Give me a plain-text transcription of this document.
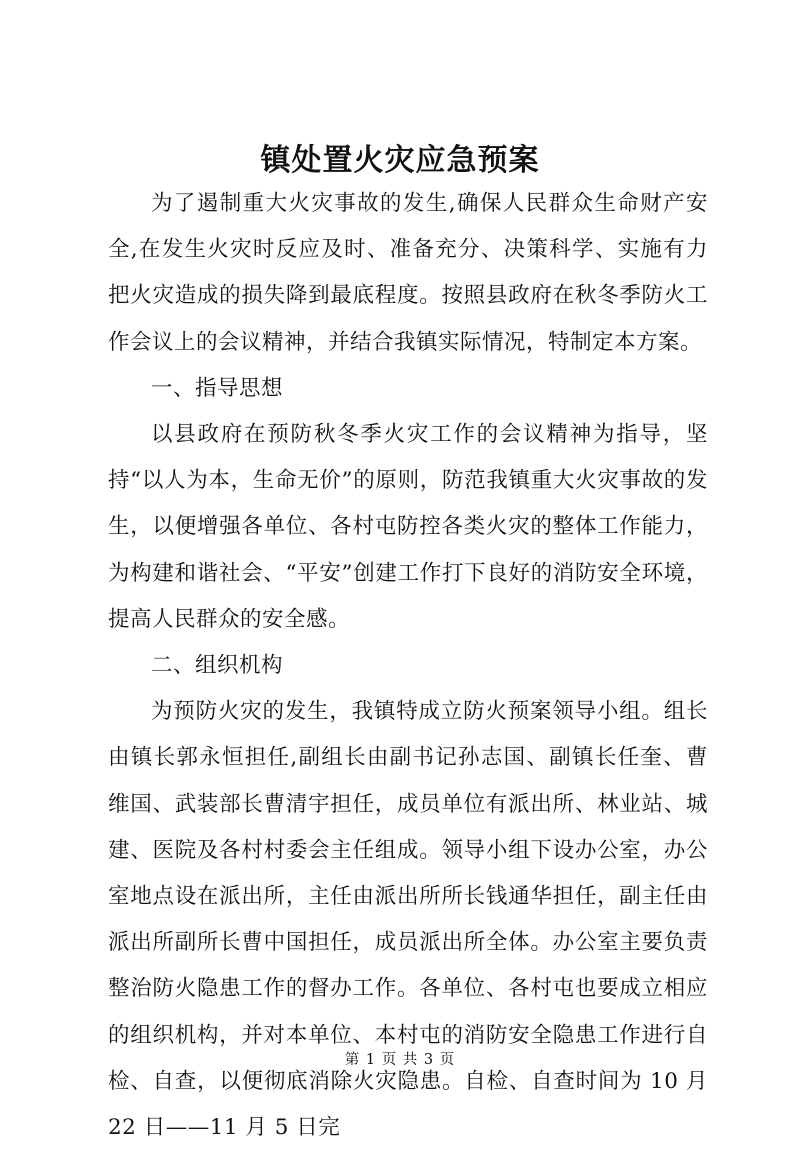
镇处置火灾应急预案

为了遏制重大火灾事故的发生,确保人民群众生命财产安全,在发生火灾时反应及时、准备充分、决策科学、实施有力把火灾造成的损失降到最底程度。按照县政府在秋冬季防火工作会议上的会议精神，并结合我镇实际情况，特制定本方案。

一、指导思想

以县政府在预防秋冬季火灾工作的会议精神为指导，坚持“以人为本，生命无价”的原则，防范我镇重大火灾事故的发生，以便增强各单位、各村屯防控各类火灾的整体工作能力，为构建和谐社会、“平安”创建工作打下良好的消防安全环境，提高人民群众的安全感。

二、组织机构

为预防火灾的发生，我镇特成立防火预案领导小组。组长由镇长郭永恒担任,副组长由副书记孙志国、副镇长任奎、曹维国、武装部长曹清宇担任，成员单位有派出所、林业站、城建、医院及各村村委会主任组成。领导小组下设办公室，办公室地点设在派出所，主任由派出所所长钱通华担任，副主任由派出所副所长曹中国担任，成员派出所全体。办公室主要负责整治防火隐患工作的督办工作。各单位、各村屯也要成立相应的组织机构，并对本单位、本村屯的消防安全隐患工作进行自检、自查，以便彻底消除火灾隐患。自检、自查时间为 10 月 22 日——11 月 5 日完

第 1 页 共 3 页
